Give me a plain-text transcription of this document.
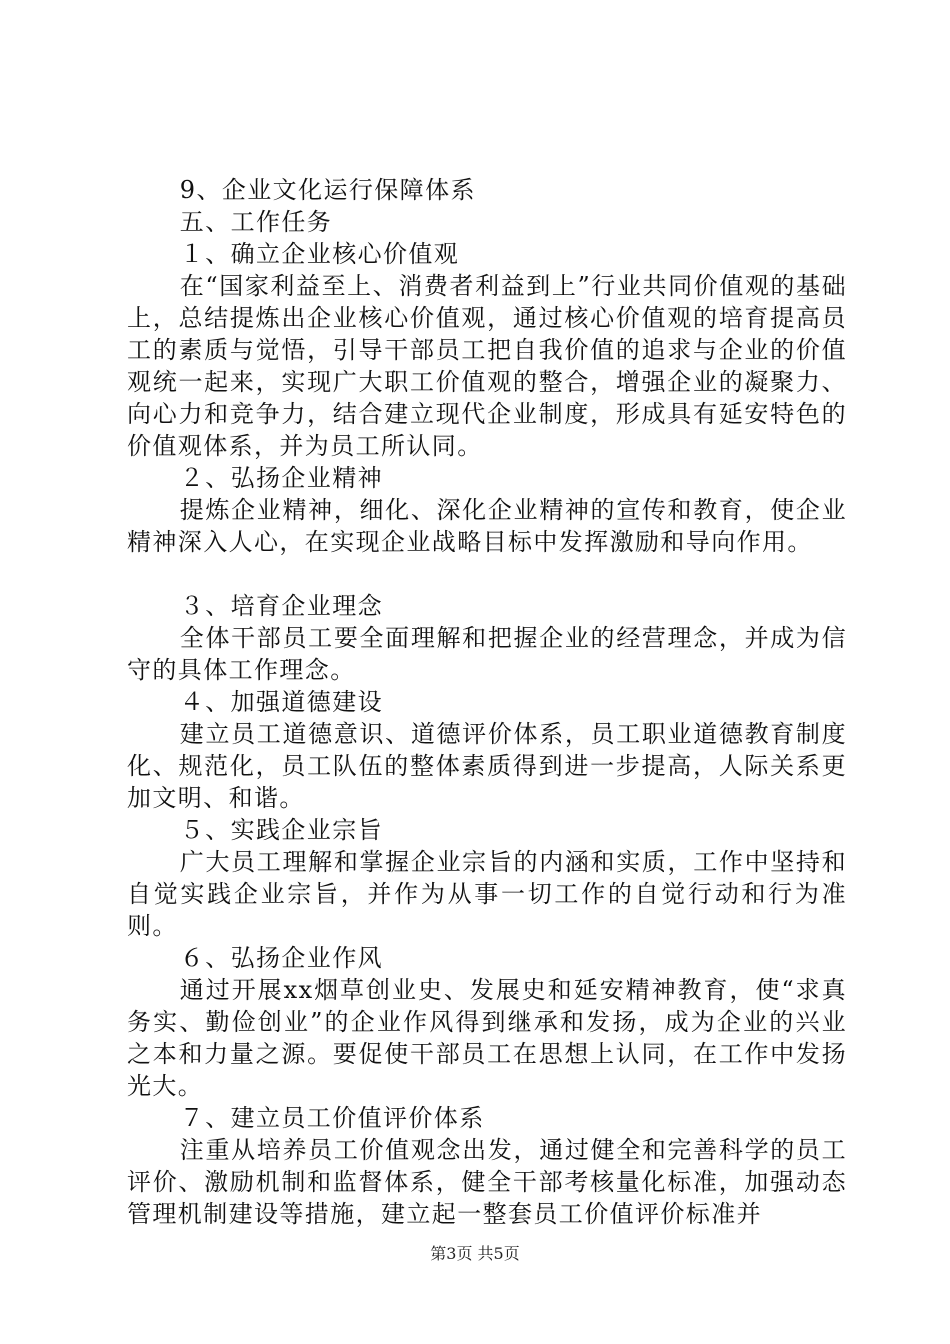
9、企业文化运行保障体系

五、工作任务

１、确立企业核心价值观

在“国家利益至上、消费者利益到上”行业共同价值观的基础上，总结提炼出企业核心价值观，通过核心价值观的培育提高员工的素质与觉悟，引导干部员工把自我价值的追求与企业的价值观统一起来，实现广大职工价值观的整合，增强企业的凝聚力、向心力和竞争力，结合建立现代企业制度，形成具有延安特色的价值观体系，并为员工所认同。

２、弘扬企业精神

提炼企业精神，细化、深化企业精神的宣传和教育，使企业精神深入人心，在实现企业战略目标中发挥激励和导向作用。

３、培育企业理念

全体干部员工要全面理解和把握企业的经营理念，并成为信守的具体工作理念。

４、加强道德建设

建立员工道德意识、道德评价体系，员工职业道德教育制度化、规范化，员工队伍的整体素质得到进一步提高，人际关系更加文明、和谐。

５、实践企业宗旨

广大员工理解和掌握企业宗旨的内涵和实质，工作中坚持和自觉实践企业宗旨，并作为从事一切工作的自觉行动和行为准则。

６、弘扬企业作风

通过开展xx烟草创业史、发展史和延安精神教育，使“求真务实、勤俭创业”的企业作风得到继承和发扬，成为企业的兴业之本和力量之源。要促使干部员工在思想上认同，在工作中发扬光大。

７、建立员工价值评价体系

注重从培养员工价值观念出发，通过健全和完善科学的员工评价、激励机制和监督体系，健全干部考核量化标准，加强动态管理机制建设等措施，建立起一整套员工价值评价标准并

第3页 共5页
